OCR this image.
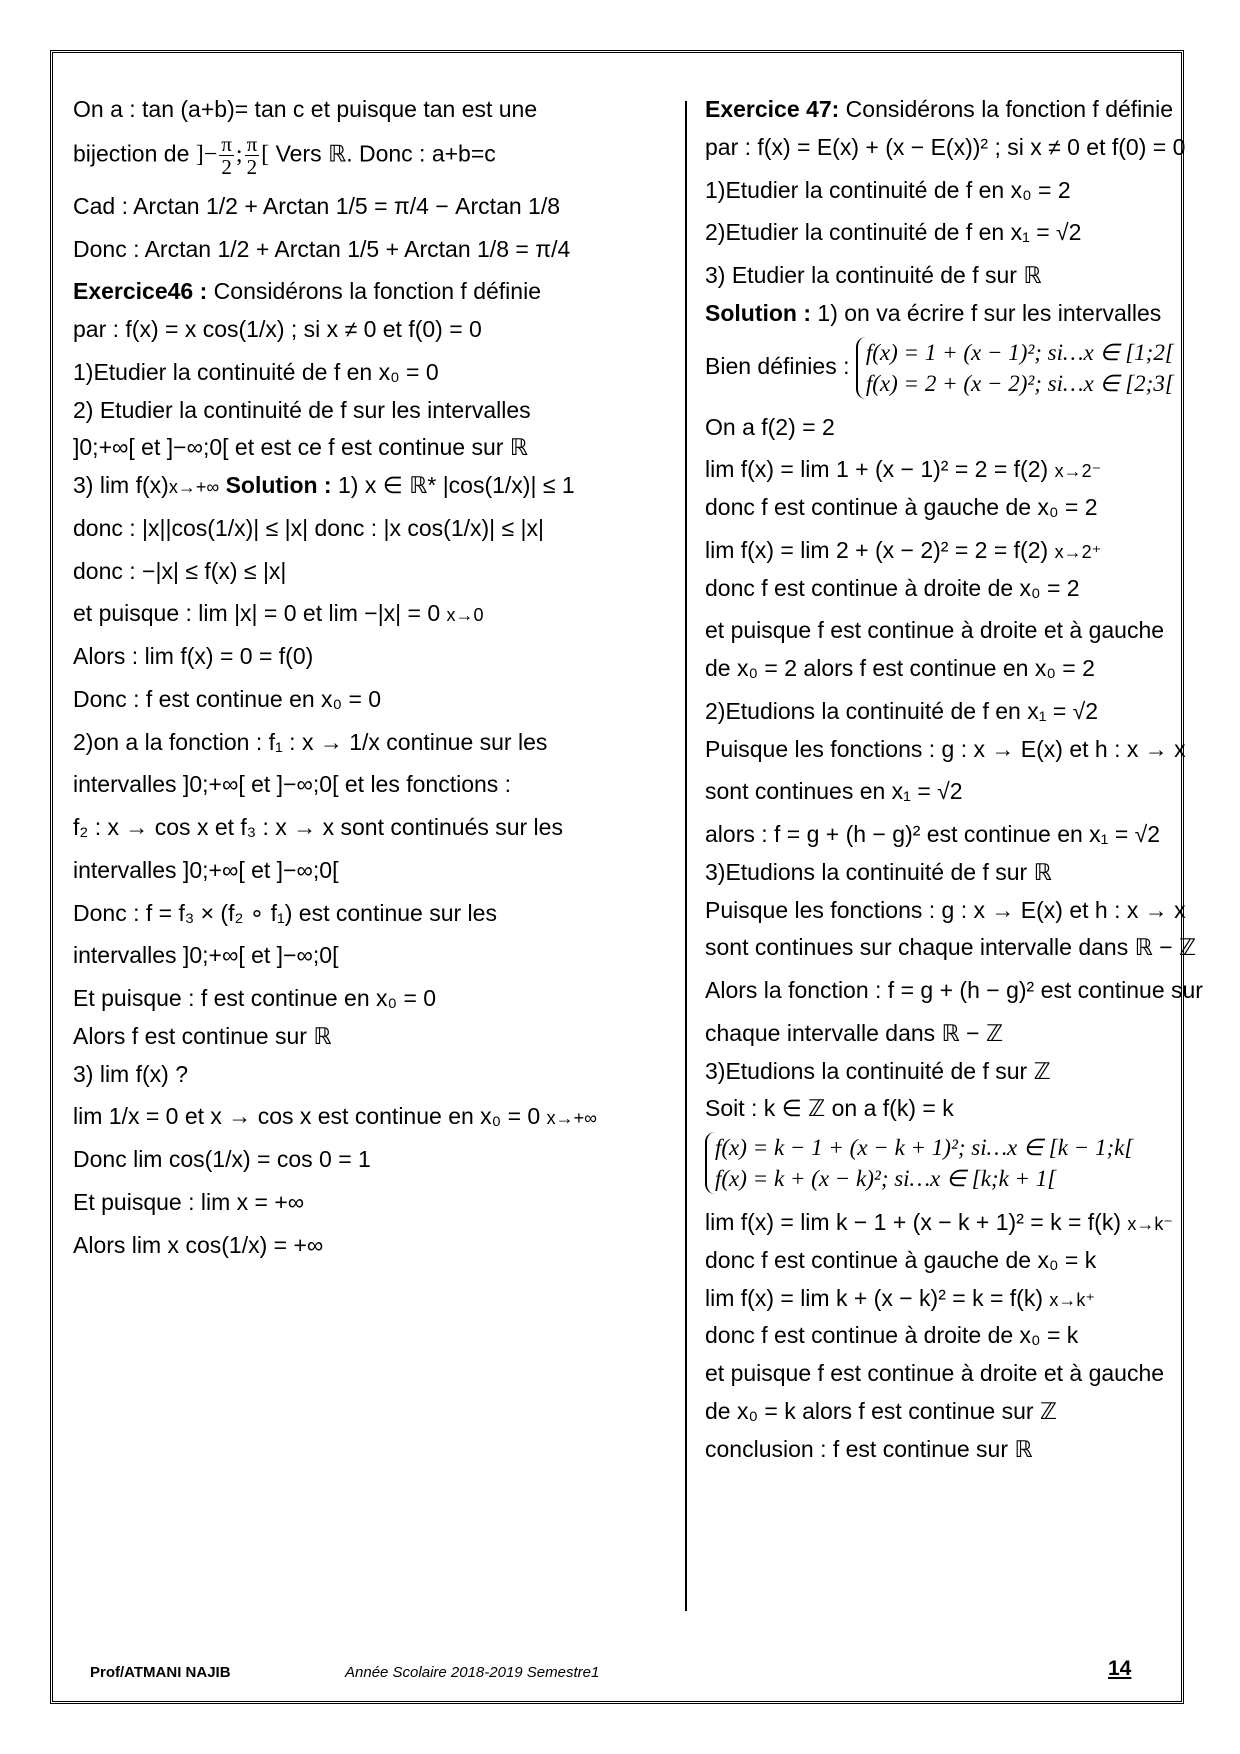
On a : tan (a+b)= tan c et puisque tan est une
bijection de ]− $\frac{\pi}{2}$ ; $\frac{\pi}{2}$ [ Vers ℝ. Donc : a+b=c
Cad : Arctan 1/2 + Arctan 1/5 = π/4 − Arctan 1/8
Donc : Arctan 1/2 + Arctan 1/5 + Arctan 1/8 = π/4
Exercice46 : Considérons la fonction f définie
par : f(x) = x cos(1/x) ; si x ≠ 0 et f(0) = 0
1)Etudier la continuité de f en x₀ = 0
2) Etudier la continuité de f sur les intervalles
]0;+∞[ et ]−∞;0[ et est ce f est continue sur ℝ
3) lim f(x)x→+∞ Solution : 1) x ∈ ℝ* |cos(1/x)| ≤ 1
donc : |x||cos(1/x)| ≤ |x| donc : |x cos(1/x)| ≤ |x|
donc : −|x| ≤ f(x) ≤ |x|
et puisque : lim |x| = 0 et lim −|x| = 0 x→0
Alors : lim f(x) = 0 = f(0)
Donc : f est continue en x₀ = 0
2)on a la fonction : f₁ : x → 1/x continue sur les
intervalles ]0;+∞[ et ]−∞;0[ et les fonctions :
f₂ : x → cos x et f₃ : x → x sont continués sur les
intervalles ]0;+∞[ et ]−∞;0[
Donc : f = f₃ × (f₂ ∘ f₁) est continue sur les
intervalles ]0;+∞[ et ]−∞;0[
Et puisque : f est continue en x₀ = 0
Alors f est continue sur ℝ
3) lim f(x) ?
lim 1/x = 0 et x → cos x est continue en x₀ = 0 x→+∞
Donc lim cos(1/x) = cos 0 = 1
Et puisque : lim x = +∞
Alors lim x cos(1/x) = +∞
Exercice 47: Considérons la fonction f définie
par : f(x) = E(x) + (x − E(x))² ; si x ≠ 0 et f(0) = 0
1)Etudier la continuité de f en x₀ = 2
2)Etudier la continuité de f en x₁ = √2
3) Etudier la continuité de f sur ℝ
Solution : 1) on va écrire f sur les intervalles
Bien définies :
f(x) = 1 + (x − 1)²; si…x ∈ [1;2[
f(x) = 2 + (x − 2)²; si…x ∈ [2;3[
On a f(2) = 2
lim f(x) = lim 1 + (x − 1)² = 2 = f(2) x→2⁻
donc f est continue à gauche de x₀ = 2
lim f(x) = lim 2 + (x − 2)² = 2 = f(2) x→2⁺
donc f est continue à droite de x₀ = 2
et puisque f est continue à droite et à gauche
de x₀ = 2 alors f est continue en x₀ = 2
2)Etudions la continuité de f en x₁ = √2
Puisque les fonctions : g : x → E(x) et h : x → x
sont continues en x₁ = √2
alors : f = g + (h − g)² est continue en x₁ = √2
3)Etudions la continuité de f sur ℝ
Puisque les fonctions : g : x → E(x) et h : x → x
sont continues sur chaque intervalle dans ℝ − ℤ
Alors la fonction : f = g + (h − g)² est continue sur
chaque intervalle dans ℝ − ℤ
3)Etudions la continuité de f sur ℤ
Soit : k ∈ ℤ on a f(k) = k
f(x) = k − 1 + (x − k + 1)²; si…x ∈ [k − 1;k[
f(x) = k + (x − k)²; si…x ∈ [k;k + 1[
lim f(x) = lim k − 1 + (x − k + 1)² = k = f(k) x→k⁻
donc f est continue à gauche de x₀ = k
lim f(x) = lim k + (x − k)² = k = f(k) x→k⁺
donc f est continue à droite de x₀ = k
et puisque f est continue à droite et à gauche
de x₀ = k alors f est continue sur ℤ
conclusion : f est continue sur ℝ
Prof/ATMANI NAJIB	Année Scolaire 2018-2019 Semestre1	14
